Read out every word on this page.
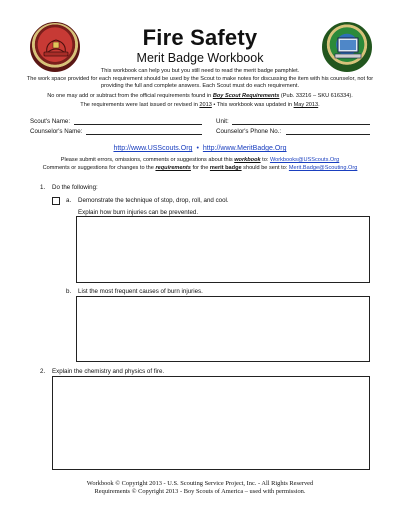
Fire Safety
Merit Badge Workbook
This workbook can help you but you still need to read the merit badge pamphlet.
The work space provided for each requirement should be used by the Scout to make notes for discussing the item with his counselor, not for
providing the full and complete answers. Each Scout must do each requirement.
No one may add or subtract from the official requirements found in Boy Scout Requirements (Pub. 33216 – SKU 616334).
The requirements were last issued or revised in 2013 • This workbook was updated in May 2013.
Scout's Name:	Unit:
Counselor's Name:	Counselor's Phone No.:
http://www.USScouts.Org • http://www.MeritBadge.Org
Please submit errors, omissions, comments or suggestions about this workbook to: Workbooks@USScouts.Org
Comments or suggestions for changes to the requirements for the merit badge should be sent to: Merit.Badge@Scouting.Org
1. Do the following:
a. Demonstrate the technique of stop, drop, roll, and cool.
Explain how burn injuries can be prevented.
b. List the most frequent causes of burn injuries.
2. Explain the chemistry and physics of fire.
Workbook © Copyright 2013 - U.S. Scouting Service Project, Inc. - All Rights Reserved
Requirements © Copyright 2013 - Boy Scouts of America – used with permission.
